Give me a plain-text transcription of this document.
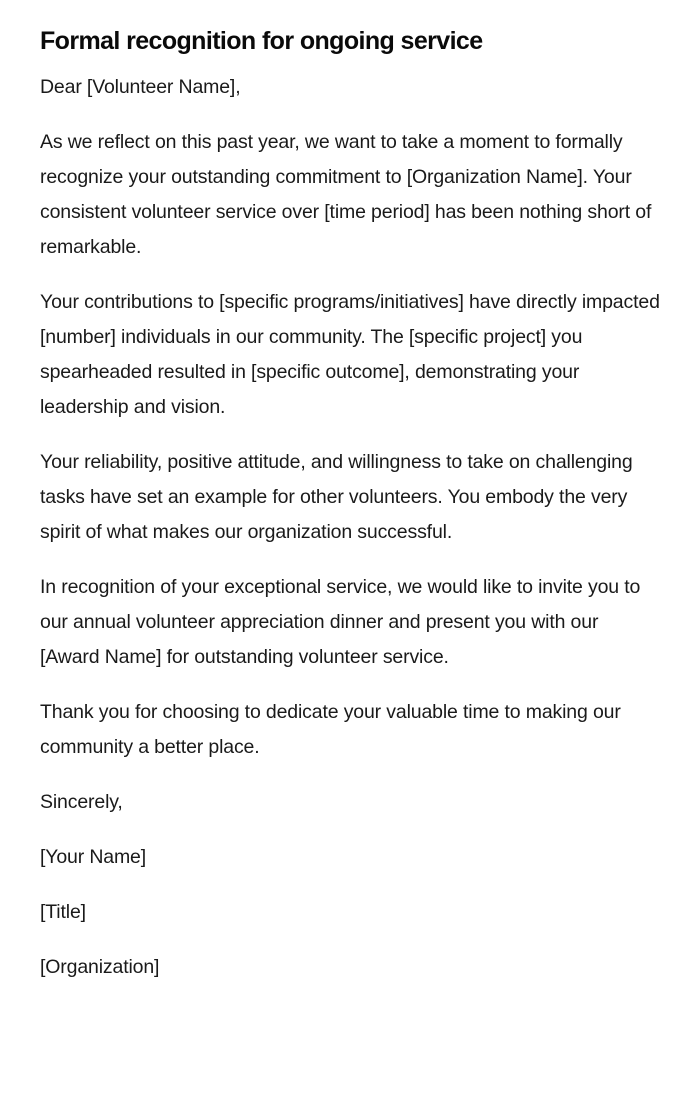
Formal recognition for ongoing service

Dear [Volunteer Name],

As we reflect on this past year, we want to take a moment to formally recognize your outstanding commitment to [Organization Name]. Your consistent volunteer service over [time period] has been nothing short of remarkable.

Your contributions to [specific programs/initiatives] have directly impacted [number] individuals in our community. The [specific project] you spearheaded resulted in [specific outcome], demonstrating your leadership and vision.

Your reliability, positive attitude, and willingness to take on challenging tasks have set an example for other volunteers. You embody the very spirit of what makes our organization successful.

In recognition of your exceptional service, we would like to invite you to our annual volunteer appreciation dinner and present you with our [Award Name] for outstanding volunteer service.

Thank you for choosing to dedicate your valuable time to making our community a better place.

Sincerely,

[Your Name]

[Title]

[Organization]
